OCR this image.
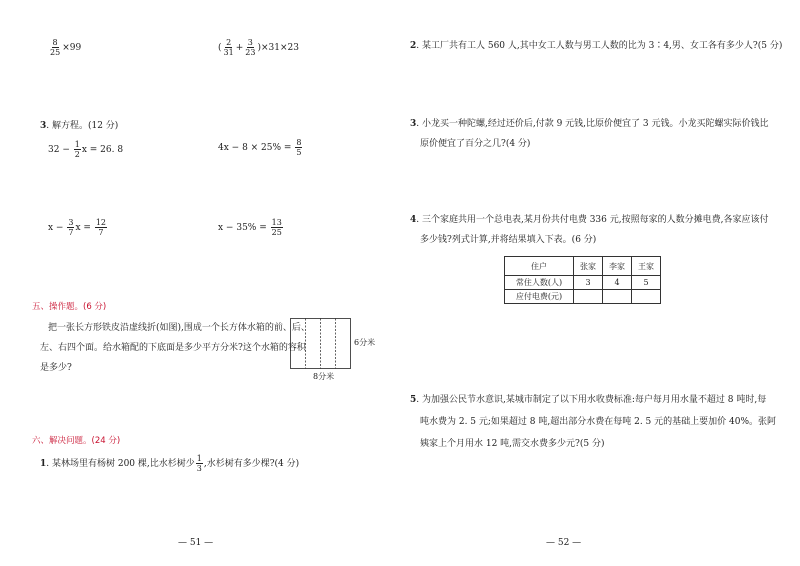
$\frac{8}{25} \times 99$	( $\frac{2}{31} + \frac{3}{23} )\times 31\times 23$
3. 解方程。(12 分)
$32 - \frac{1}{2}$ x = 26. 8	$4x - 8 \times 25\% = \frac{8}{5}$
$x - \frac{3}{7}$ $x = \frac{12}{7}$	$x - 35\% = \frac{13}{25}$
五、操作题。(6 分)
把一张长方形铁皮沿虚线折(如图),围成一个长方体水箱的前、后、
左、右四个面。给水箱配的下底面是多少平方分米?这个水箱的容积
是多少?
6分米
8分米
六、解决问题。(24 分)
1. 某林场里有杨树 200 棵,比水杉树少 $\frac{1}{3}$ ,水杉树有多少棵?(4 分)
— 51 —
2. 某工厂共有工人 560 人,其中女工人数与男工人数的比为 3∶4,男、女工各有多少人?(5 分)
3. 小龙买一种陀螺,经过还价后,付款 9 元钱,比原价便宜了 3 元钱。小龙买陀螺实际价钱比
原价便宜了百分之几?(4 分)
4. 三个家庭共用一个总电表,某月份共付电费 336 元,按照每家的人数分摊电费,各家应该付
多少钱?列式计算,并将结果填入下表。(6 分)
住户	张家	李家	王家
常住人数(人)	3	4	5
应付电费(元)			
5. 为加强公民节水意识,某城市制定了以下用水收费标准:每户每月用水量不超过 8 吨时,每
吨水费为 2. 5 元;如果超过 8 吨,超出部分水费在每吨 2. 5 元的基础上要加价 40%。张阿
姨家上个月用水 12 吨,需交水费多少元?(5 分)
— 52 —
